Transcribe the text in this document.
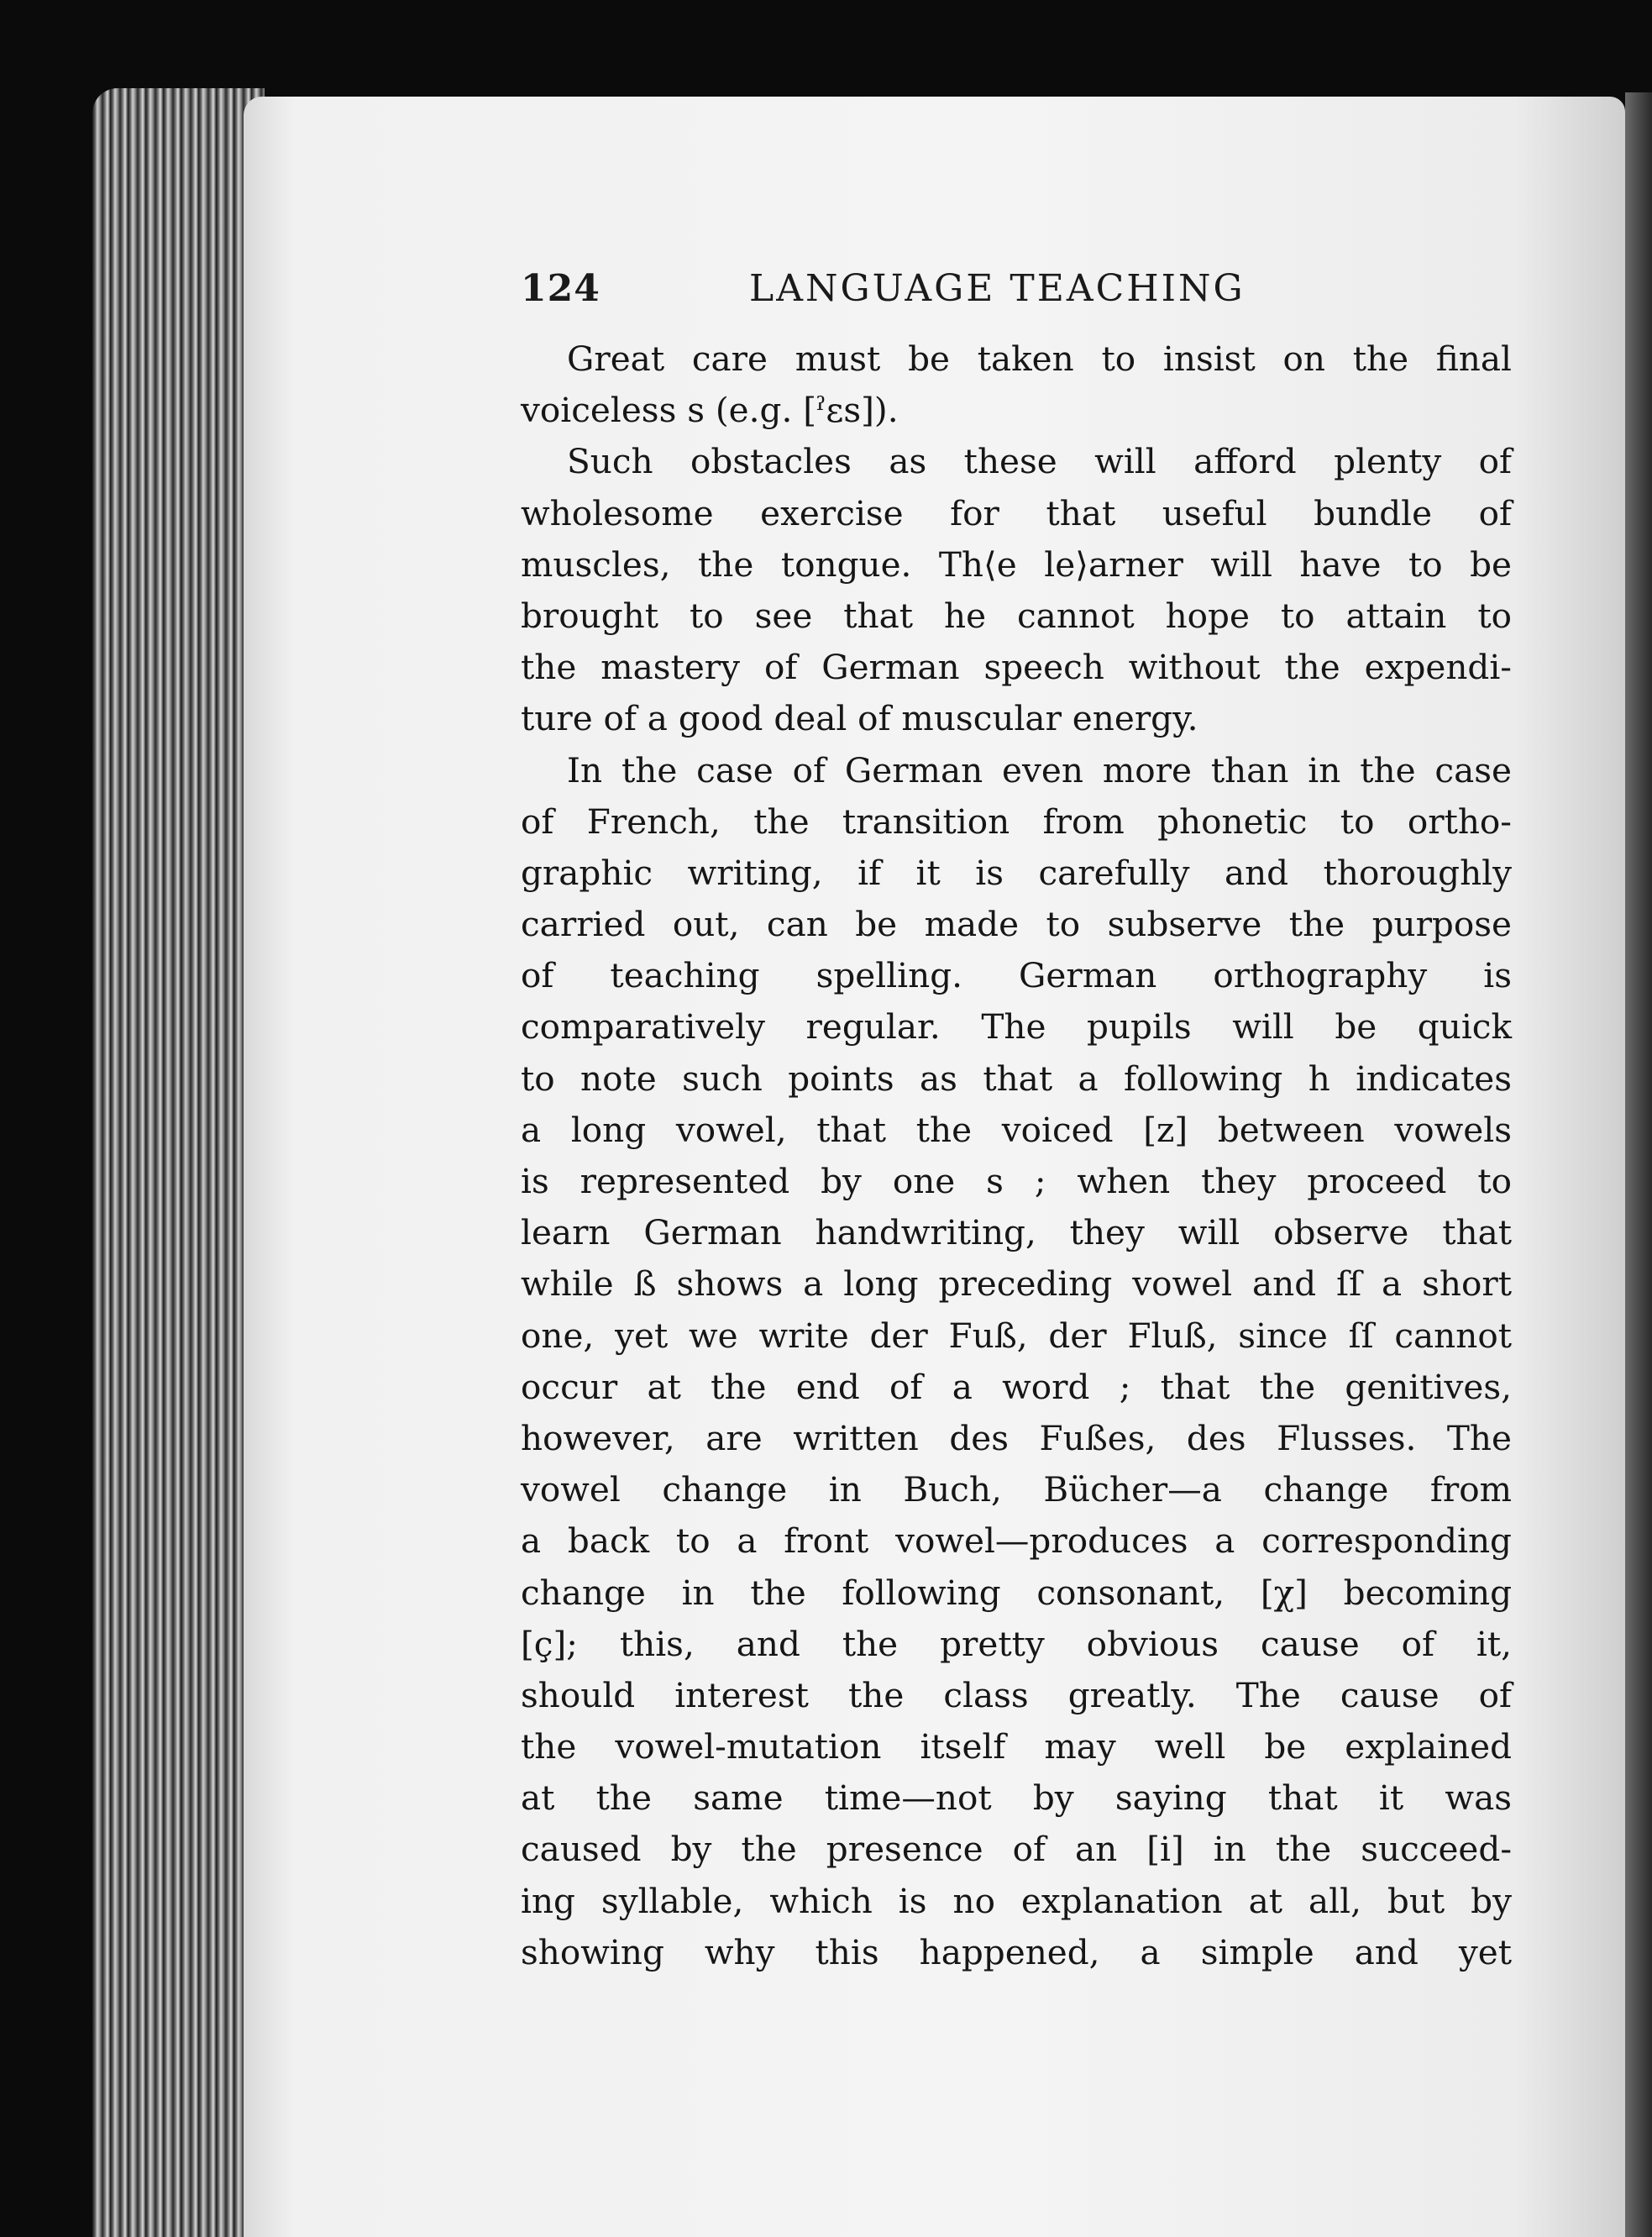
124	LANGUAGE TEACHING
Great care must be taken to insist on the final
voiceless s (e.g. [ˀɛs]).
Such obstacles as these will afford plenty of
wholesome exercise for that useful bundle of
muscles, the tongue. Th⟨e le⟩arner will have to be
brought to see that he cannot hope to attain to
the mastery of German speech without the expendi-
ture of a good deal of muscular energy.
In the case of German even more than in the case
of French, the transition from phonetic to ortho-
graphic writing, if it is carefully and thoroughly
carried out, can be made to subserve the purpose
of teaching spelling. German orthography is
comparatively regular. The pupils will be quick
to note such points as that a following h indicates
a long vowel, that the voiced [z] between vowels
is represented by one s ; when they proceed to
learn German handwriting, they will observe that
while ß shows a long preceding vowel and ſſ a short
one, yet we write der Fuß, der Fluß, since ſſ cannot
occur at the end of a word ; that the genitives,
however, are written des Fußes, des Flusses. The
vowel change in Buch, Bücher—a change from
a back to a front vowel—produces a corresponding
change in the following consonant, [χ] becoming
[ç]; this, and the pretty obvious cause of it,
should interest the class greatly. The cause of
the vowel-mutation itself may well be explained
at the same time—not by saying that it was
caused by the presence of an [i] in the succeed-
ing syllable, which is no explanation at all, but by
showing why this happened, a simple and yet
